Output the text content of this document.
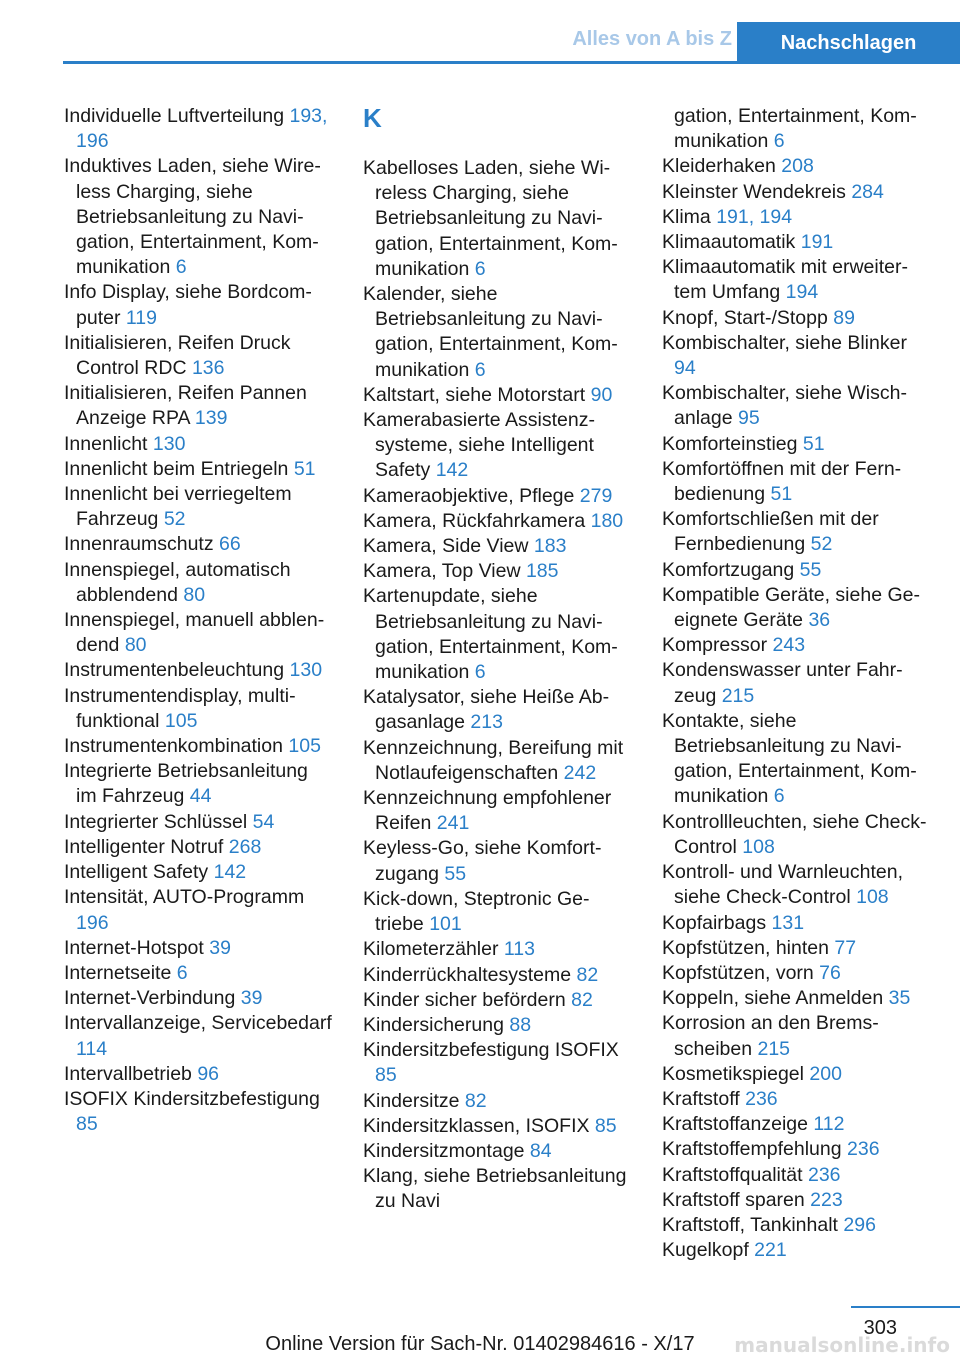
Alles von A bis Z Nachschlagen

Individuelle Luftverteilung 193, 196

Induktives Laden, siehe Wireless Charging, siehe Betriebsanleitung zu Navigation, Entertainment, Kommunikation 6

Info Display, siehe Bordcomputer 119

Initialisieren, Reifen Druck Control RDC 136

Initialisieren, Reifen Pannen Anzeige RPA 139

Innenlicht 130

Innenlicht beim Entriegeln 51

Innenlicht bei verriegeltem Fahrzeug 52

Innenraumschutz 66

Innenspiegel, automatisch abblendend 80

Innenspiegel, manuell abblendend 80

Instrumentenbeleuchtung 130

Instrumentendisplay, multifunktional 105

Instrumentenkombination 105

Integrierte Betriebsanleitung im Fahrzeug 44

Integrierter Schlüssel 54

Intelligenter Notruf 268

Intelligent Safety 142

Intensität, AUTO-Programm 196

Internet-Hotspot 39

Internetseite 6

Internet-Verbindung 39

Intervallanzeige, Servicebedarf 114

Intervallbetrieb 96

ISOFIX Kindersitzbefestigung 85

K

Kabelloses Laden, siehe Wireless Charging, siehe Betriebsanleitung zu Navigation, Entertainment, Kommunikation 6

Kalender, siehe Betriebsanleitung zu Navigation, Entertainment, Kommunikation 6

Kaltstart, siehe Motorstart 90

Kamerabasierte Assistenzsysteme, siehe Intelligent Safety 142

Kameraobjektive, Pflege 279

Kamera, Rückfahrkamera 180

Kamera, Side View 183

Kamera, Top View 185

Kartenupdate, siehe Betriebsanleitung zu Navigation, Entertainment, Kommunikation 6

Katalysator, siehe Heiße Abgasanlage 213

Kennzeichnung, Bereifung mit Notlaufeigenschaften 242

Kennzeichnung empfohlener Reifen 241

Keyless-Go, siehe Komfortzugang 55

Kick-down, Steptronic Getriebe 101

Kilometerzähler 113

Kinderrückhaltesysteme 82

Kinder sicher befördern 82

Kindersicherung 88

Kindersitzbefestigung ISOFIX 85

Kindersitze 82

Kindersitzklassen, ISOFIX 85

Kindersitzmontage 84

Klang, siehe Betriebsanleitung zu Navi

gation, Entertainment, Kommunikation 6

Kleiderhaken 208

Kleinster Wendekreis 284

Klima 191, 194

Klimaautomatik 191

Klimaautomatik mit erweitertem Umfang 194

Knopf, Start-/Stopp 89

Kombischalter, siehe Blinker 94

Kombischalter, siehe Wischanlage 95

Komforteinstieg 51

Komfortöffnen mit der Fernbedienung 51

Komfortschließen mit der Fernbedienung 52

Komfortzugang 55

Kompatible Geräte, siehe Geeignete Geräte 36

Kompressor 243

Kondenswasser unter Fahrzeug 215

Kontakte, siehe Betriebsanleitung zu Navigation, Entertainment, Kommunikation 6

Kontrollleuchten, siehe Check-Control 108

Kontroll- und Warnleuchten, siehe Check-Control 108

Kopfairbags 131

Kopfstützen, hinten 77

Kopfstützen, vorn 76

Koppeln, siehe Anmelden 35

Korrosion an den Bremsscheiben 215

Kosmetikspiegel 200

Kraftstoff 236

Kraftstoffanzeige 112

Kraftstoffempfehlung 236

Kraftstoffqualität 236

Kraftstoff sparen 223

Kraftstoff, Tankinhalt 296

Kugelkopf 221

303
Online Version für Sach-Nr. 01402984616 - X/17	manualsonline.info
